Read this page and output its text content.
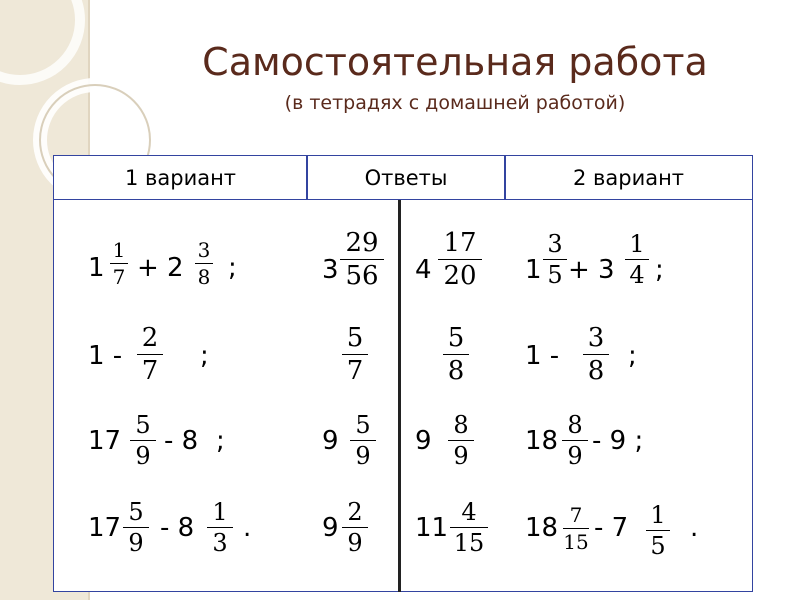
Самостоятельная работа
(в тетрадях с домашней работой)
1 вариант	Ответы	2 вариант
1
1
7 + 2
3
8 ;
1 -
2
7 ;
17
5
9 - 8 ;
17
5
9 - 8
1
3 .
3
29
56 4
17
20
5
7
5
8
9
5
9 9
8
9
9
2
9 11
4
15
1
3
5 + 3
1
4 ;
1 -
3
8 ;
18
8
9 - 9 ;
18 7
15 - 7 1
5
.
